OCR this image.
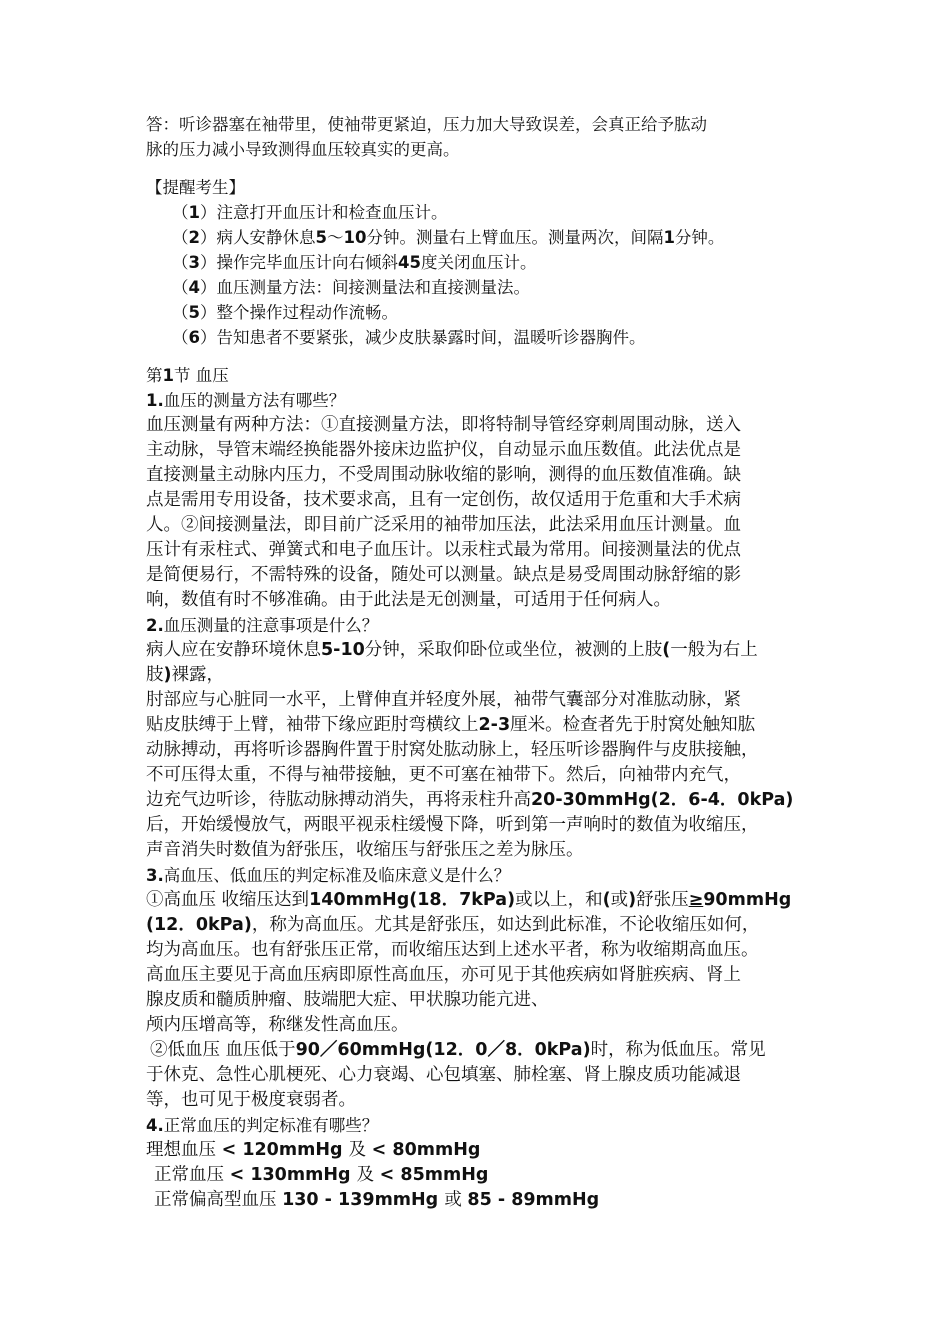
答：听诊器塞在袖带里，使袖带更紧迫，压力加大导致误差，会真正给予肱动
脉的压力减小导致测得血压较真实的更高。
【提醒考生】
（1）注意打开血压计和检查血压计。
（2）病人安静休息5～10分钟。测量右上臂血压。测量两次，间隔1分钟。
（3）操作完毕血压计向右倾斜45度关闭血压计。
（4）血压测量方法：间接测量法和直接测量法。
（5）整个操作过程动作流畅。
（6）告知患者不要紧张，减少皮肤暴露时间，温暖听诊器胸件。
第1节 血压
1.血压的测量方法有哪些？
血压测量有两种方法：①直接测量方法，即将特制导管经穿刺周围动脉，送入
主动脉，导管末端经换能器外接床边监护仪，自动显示血压数值。此法优点是
直接测量主动脉内压力，不受周围动脉收缩的影响，测得的血压数值准确。缺
点是需用专用设备，技术要求高，且有一定创伤，故仅适用于危重和大手术病
人。②间接测量法，即目前广泛采用的袖带加压法，此法采用血压计测量。血
压计有汞柱式、弹簧式和电子血压计。以汞柱式最为常用。间接测量法的优点
是简便易行，不需特殊的设备，随处可以测量。缺点是易受周围动脉舒缩的影
响，数值有时不够准确。由于此法是无创测量，可适用于任何病人。
2.血压测量的注意事项是什么？
病人应在安静环境休息5-10分钟，采取仰卧位或坐位，被测的上肢(一般为右上
肢)裸露，
肘部应与心脏同一水平，上臂伸直并轻度外展，袖带气囊部分对准肱动脉，紧
贴皮肤缚于上臂，袖带下缘应距肘弯横纹上2-3厘米。检查者先于肘窝处触知肱
动脉搏动，再将听诊器胸件置于肘窝处肱动脉上，轻压听诊器胸件与皮肤接触，
不可压得太重，不得与袖带接触，更不可塞在袖带下。然后，向袖带内充气，
边充气边听诊，待肱动脉搏动消失，再将汞柱升高20-30mmHg(2．6-4．0kPa)
后，开始缓慢放气，两眼平视汞柱缓慢下降，听到第一声响时的数值为收缩压，
声音消失时数值为舒张压，收缩压与舒张压之差为脉压。
3.高血压、低血压的判定标准及临床意义是什么？
①高血压 收缩压达到140mmHg(18．7kPa)或以上，和(或)舒张压≥90mmHg
(12．0kPa)，称为高血压。尤其是舒张压，如达到此标准，不论收缩压如何，
均为高血压。也有舒张压正常，而收缩压达到上述水平者，称为收缩期高血压。
高血压主要见于高血压病即原性高血压，亦可见于其他疾病如肾脏疾病、肾上
腺皮质和髓质肿瘤、肢端肥大症、甲状腺功能亢进、
颅内压增高等，称继发性高血压。
②低血压 血压低于90／60mmHg(12．0／8．0kPa)时，称为低血压。常见
于休克、急性心肌梗死、心力衰竭、心包填塞、肺栓塞、肾上腺皮质功能减退
等，也可见于极度衰弱者。
4.正常血压的判定标准有哪些？
理想血压 < 120mmHg 及 < 80mmHg
正常血压 < 130mmHg 及 < 85mmHg
正常偏高型血压 130 - 139mmHg 或 85 - 89mmHg
